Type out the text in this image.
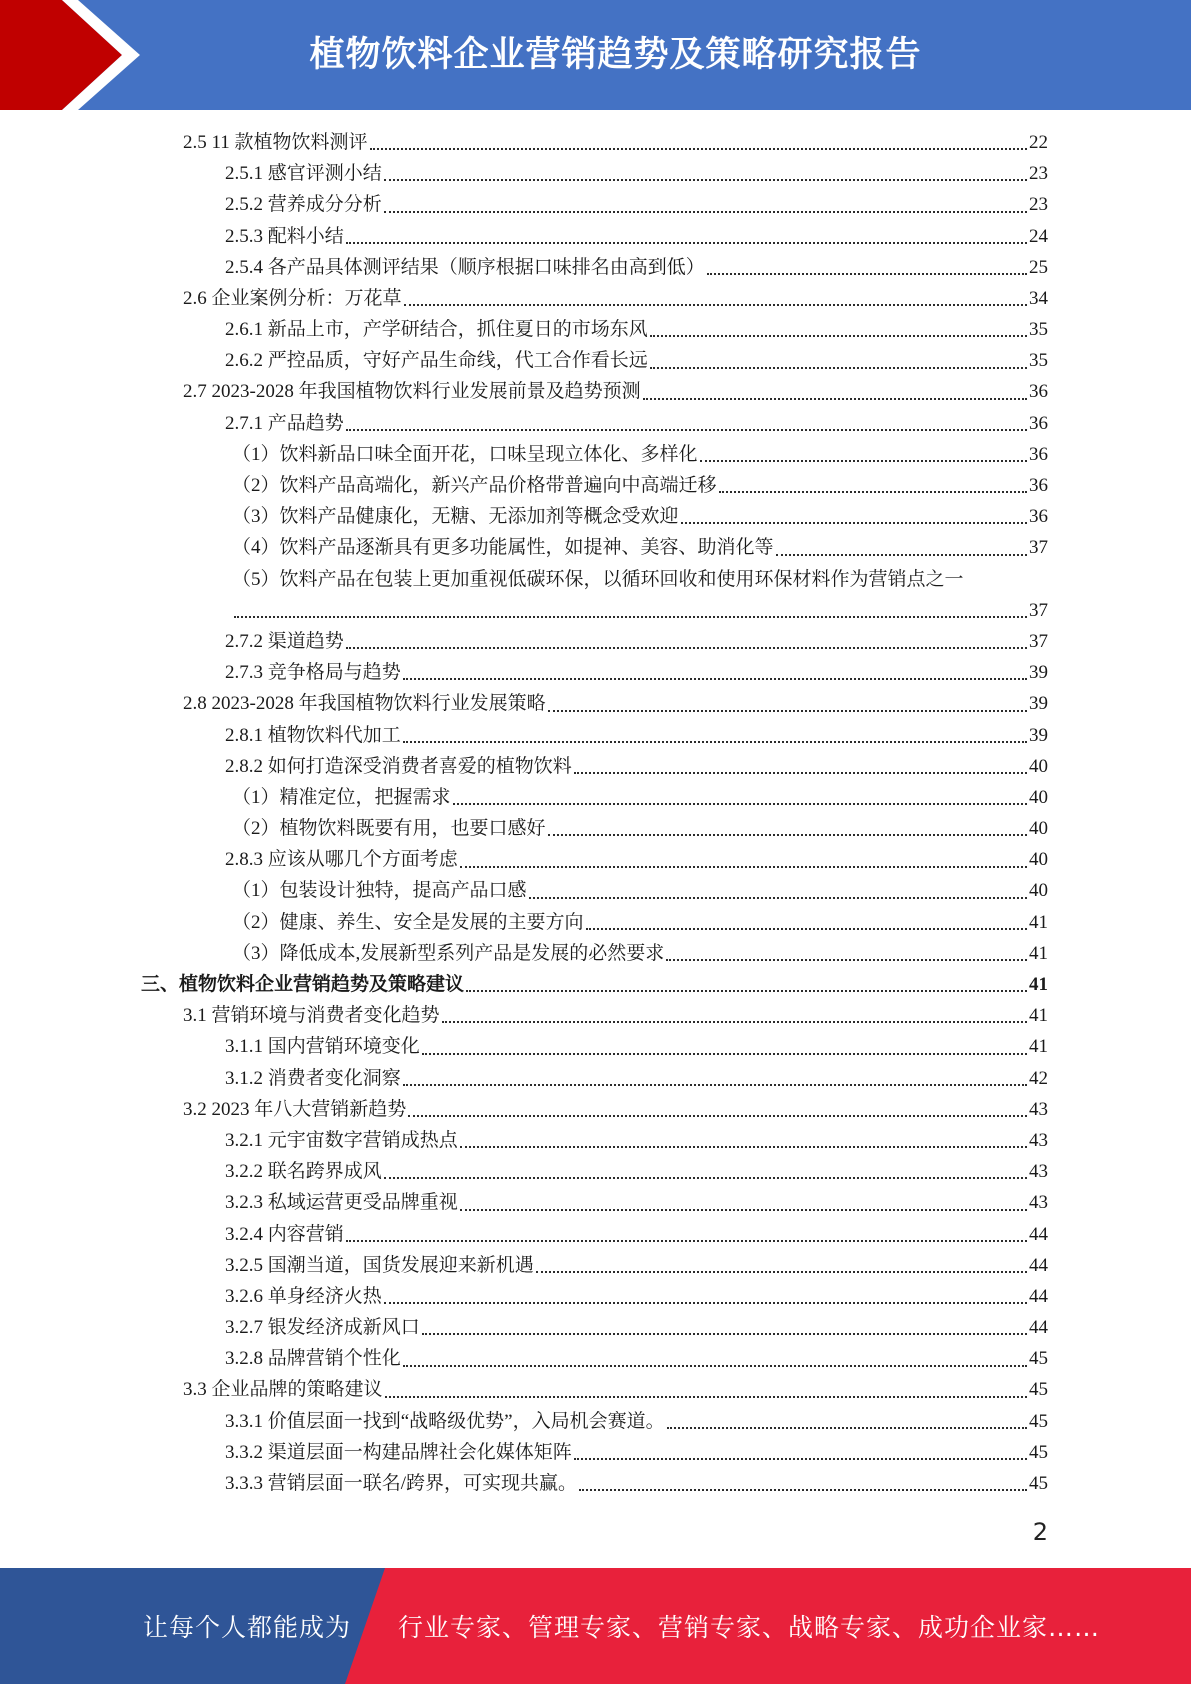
植物饮料企业营销趋势及策略研究报告
2.5 11 款植物饮料测评	22
2.5.1 感官评测小结	23
2.5.2 营养成分分析	23
2.5.3 配料小结	24
2.5.4 各产品具体测评结果（顺序根据口味排名由高到低）	25
2.6 企业案例分析：万花草	34
2.6.1 新品上市，产学研结合，抓住夏日的市场东风	35
2.6.2 严控品质，守好产品生命线，代工合作看长远	35
2.7 2023-2028 年我国植物饮料行业发展前景及趋势预测	36
2.7.1 产品趋势	36
（1）饮料新品口味全面开花，口味呈现立体化、多样化	36
（2）饮料产品高端化，新兴产品价格带普遍向中高端迁移	36
（3）饮料产品健康化，无糖、无添加剂等概念受欢迎	36
（4）饮料产品逐渐具有更多功能属性，如提神、美容、助消化等	37
（5）饮料产品在包装上更加重视低碳环保，以循环回收和使用环保材料作为营销点之一
37
2.7.2 渠道趋势	37
2.7.3 竞争格局与趋势	39
2.8 2023-2028 年我国植物饮料行业发展策略	39
2.8.1 植物饮料代加工	39
2.8.2 如何打造深受消费者喜爱的植物饮料	40
（1）精准定位，把握需求	40
（2）植物饮料既要有用，也要口感好	40
2.8.3 应该从哪几个方面考虑	40
（1）包装设计独特，提高产品口感	40
（2）健康、养生、安全是发展的主要方向	41
（3）降低成本,发展新型系列产品是发展的必然要求	41
三、植物饮料企业营销趋势及策略建议	41
3.1 营销环境与消费者变化趋势	41
3.1.1 国内营销环境变化	41
3.1.2 消费者变化洞察	42
3.2 2023 年八大营销新趋势	43
3.2.1 元宇宙数字营销成热点	43
3.2.2 联名跨界成风	43
3.2.3 私域运营更受品牌重视	43
3.2.4 内容营销	44
3.2.5 国潮当道，国货发展迎来新机遇	44
3.2.6 单身经济火热	44
3.2.7 银发经济成新风口	44
3.2.8 品牌营销个性化	45
3.3 企业品牌的策略建议	45
3.3.1 价值层面一找到“战略级优势”，入局机会赛道。	45
3.3.2 渠道层面一构建品牌社会化媒体矩阵	45
3.3.3 营销层面一联名/跨界，可实现共赢。	45
2
让每个人都能成为 行业专家、管理专家、营销专家、战略专家、成功企业家……
